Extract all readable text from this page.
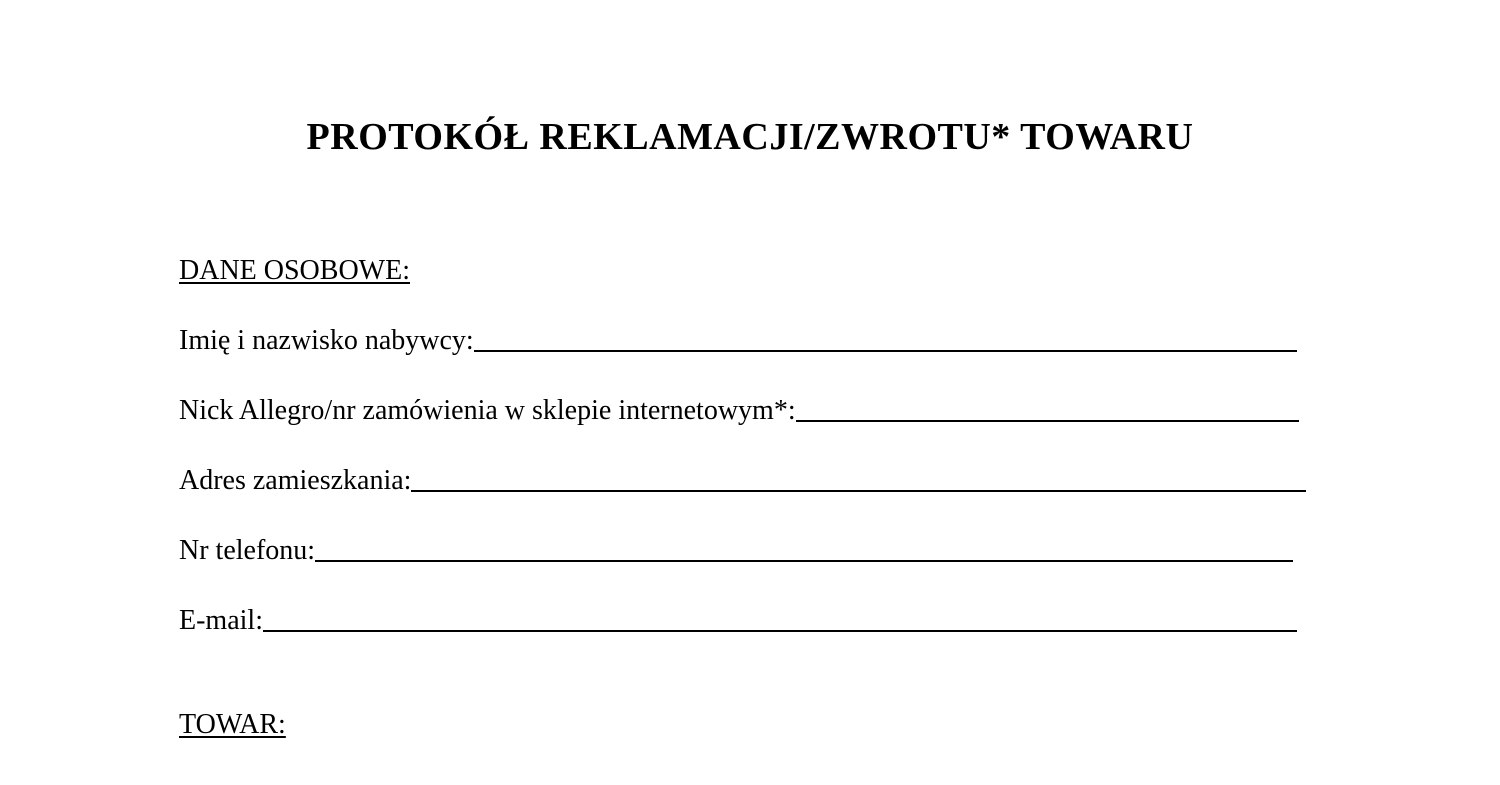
PROTOKÓŁ REKLAMACJI/ZWROTU* TOWARU
DANE OSOBOWE:
Imię i nazwisko nabywcy:
Nick Allegro/nr zamówienia w sklepie internetowym*:
Adres zamieszkania:
Nr telefonu:
E-mail:
TOWAR:
